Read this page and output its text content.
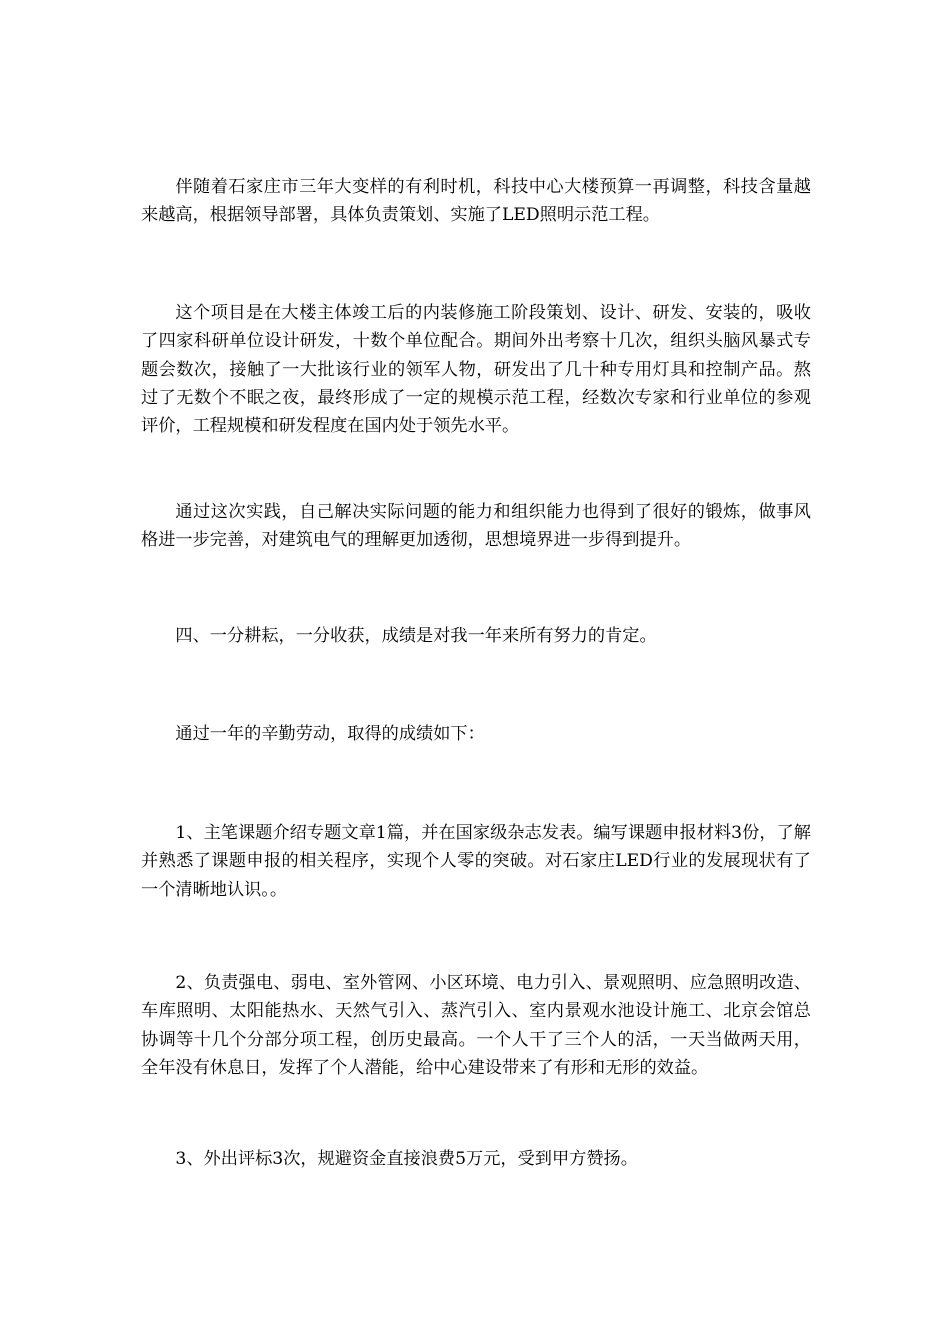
伴随着石家庄市三年大变样的有利时机，科技中心大楼预算一再调整，科技含量越来越高，根据领导部署，具体负责策划、实施了LED照明示范工程。

这个项目是在大楼主体竣工后的内装修施工阶段策划、设计、研发、安装的，吸收了四家科研单位设计研发，十数个单位配合。期间外出考察十几次，组织头脑风暴式专题会数次，接触了一大批该行业的领军人物，研发出了几十种专用灯具和控制产品。熬过了无数个不眠之夜，最终形成了一定的规模示范工程，经数次专家和行业单位的参观评价，工程规模和研发程度在国内处于领先水平。

通过这次实践，自己解决实际问题的能力和组织能力也得到了很好的锻炼，做事风格进一步完善，对建筑电气的理解更加透彻，思想境界进一步得到提升。

四、一分耕耘，一分收获，成绩是对我一年来所有努力的肯定。

通过一年的辛勤劳动，取得的成绩如下：

1、主笔课题介绍专题文章1篇，并在国家级杂志发表。编写课题申报材料3份，了解并熟悉了课题申报的相关程序，实现个人零的突破。对石家庄LED行业的发展现状有了一个清晰地认识。。

2、负责强电、弱电、室外管网、小区环境、电力引入、景观照明、应急照明改造、车库照明、太阳能热水、天然气引入、蒸汽引入、室内景观水池设计施工、北京会馆总协调等十几个分部分项工程，创历史最高。一个人干了三个人的活，一天当做两天用，全年没有休息日，发挥了个人潜能，给中心建设带来了有形和无形的效益。

3、外出评标3次，规避资金直接浪费5万元，受到甲方赞扬。
